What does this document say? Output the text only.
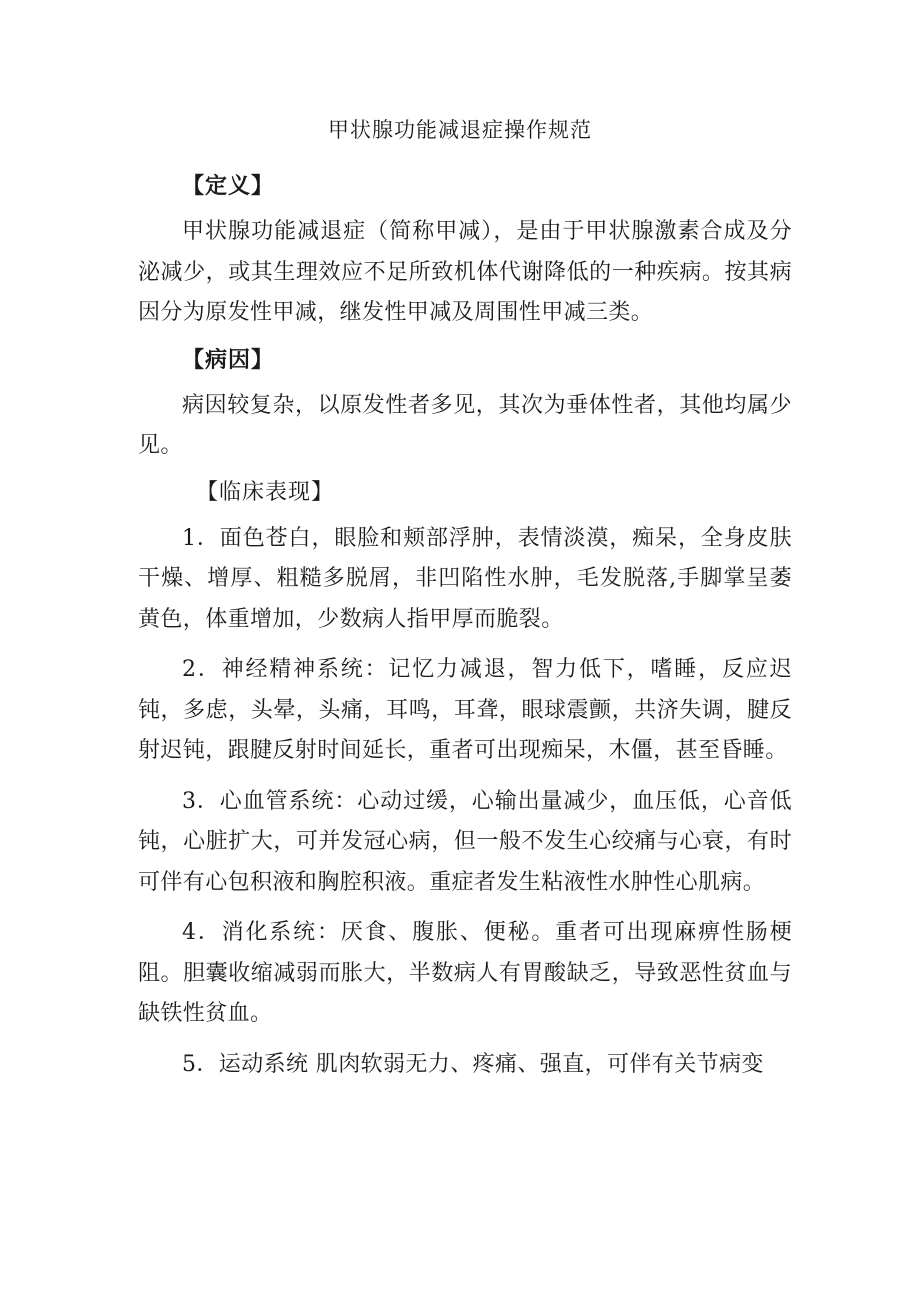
甲状腺功能减退症操作规范
【定义】

甲状腺功能减退症（简称甲减），是由于甲状腺激素合成及分泌减少，或其生理效应不足所致机体代谢降低的一种疾病。按其病因分为原发性甲减，继发性甲减及周围性甲减三类。

【病因】

病因较复杂，以原发性者多见，其次为垂体性者，其他均属少见。

【临床表现】

1．面色苍白，眼脸和颊部浮肿，表情淡漠，痴呆，全身皮肤干燥、增厚、粗糙多脱屑，非凹陷性水肿，毛发脱落,手脚掌呈萎黄色，体重增加，少数病人指甲厚而脆裂。

2．神经精神系统：记忆力减退，智力低下，嗜睡，反应迟钝，多虑，头晕，头痛，耳鸣，耳聋，眼球震颤，共济失调，腱反射迟钝，跟腱反射时间延长，重者可出现痴呆，木僵，甚至昏睡。

3．心血管系统：心动过缓，心输出量减少，血压低，心音低钝，心脏扩大，可并发冠心病，但一般不发生心绞痛与心衰，有时可伴有心包积液和胸腔积液。重症者发生粘液性水肿性心肌病。

4．消化系统：厌食、腹胀、便秘。重者可出现麻痹性肠梗阻。胆囊收缩减弱而胀大，半数病人有胃酸缺乏，导致恶性贫血与缺铁性贫血。

5．运动系统 肌肉软弱无力、疼痛、强直，可伴有关节病变
